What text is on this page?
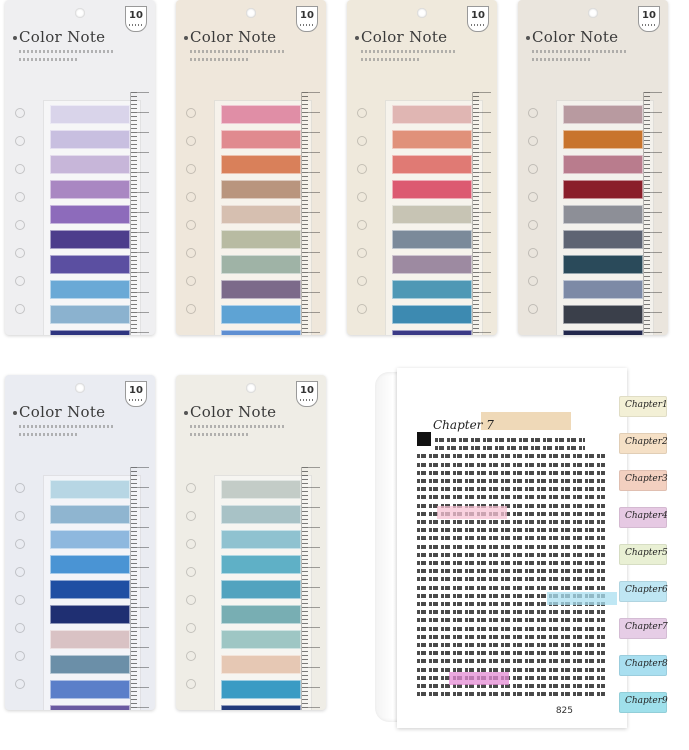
Color Note
10
Color Note
10
Color Note
10
Color Note
10
Color Note
10
Color Note
10
Chapter 7
825
Chapter1
Chapter2
Chapter3
Chapter4
Chapter5
Chapter6
Chapter7
Chapter8
Chapter9
